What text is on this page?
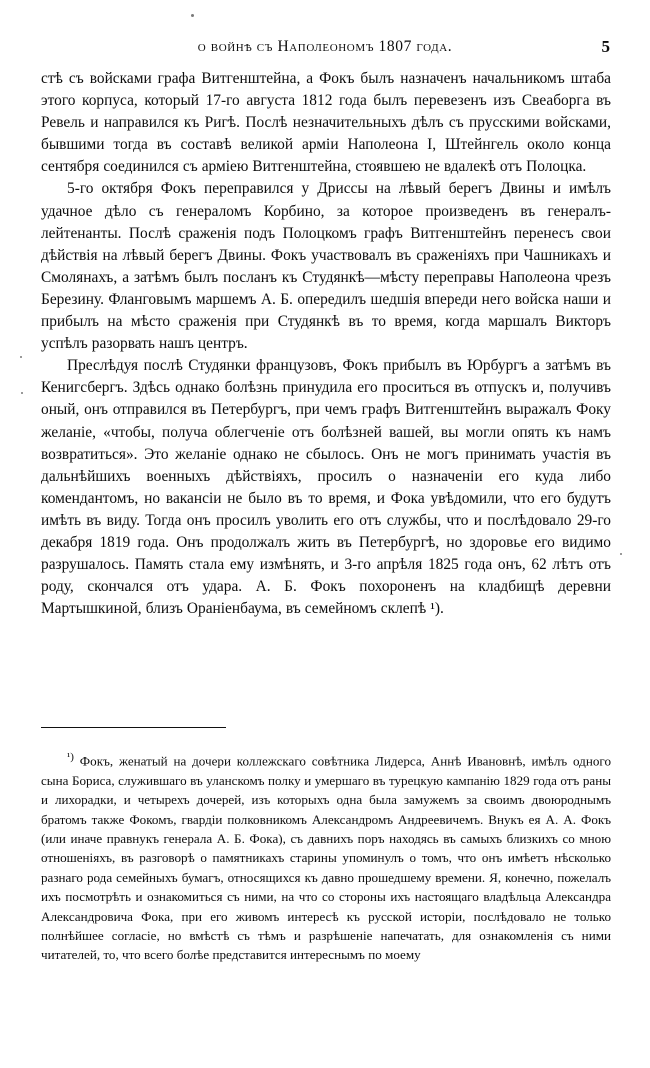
о войнѣ съ Наполеономъ 1807 года.	5

стѣ съ войсками графа Витгенштейна, а Фокъ былъ назначенъ начальникомъ штаба этого корпуса, который 17-го августа 1812 года былъ перевезенъ изъ Свеаборга въ Ревель и направился къ Ригѣ. Послѣ незначительныхъ дѣлъ съ прусскими войсками, бывшими тогда въ составѣ великой арміи Наполеона I, Штейнгель около конца сентября соединился съ арміею Витгенштейна, стоявшею не вдалекѣ отъ Полоцка.

5-го октября Фокъ переправился у Дриссы на лѣвый берегъ Двины и имѣлъ удачное дѣло съ генераломъ Корбино, за которое произведенъ въ генералъ-лейтенанты. Послѣ сраженія подъ Полоцкомъ графъ Витгенштейнъ перенесъ свои дѣйствія на лѣвый берегъ Двины. Фокъ участвовалъ въ сраженіяхъ при Чашникахъ и Смолянахъ, а затѣмъ былъ посланъ къ Студянкѣ—мѣсту переправы Наполеона чрезъ Березину. Фланговымъ маршемъ А. Б. опередилъ шедшія впереди него войска наши и прибылъ на мѣсто сраженія при Студянкѣ въ то время, когда маршалъ Викторъ успѣлъ разорвать нашъ центръ.

Преслѣдуя послѣ Студянки французовъ, Фокъ прибылъ въ Юрбургъ а затѣмъ въ Кенигсбергъ. Здѣсь однако болѣзнь принудила его проситься въ отпускъ и, получивъ оный, онъ отправился въ Петербургъ, при чемъ графъ Витгенштейнъ выражалъ Фоку желаніе, «чтобы, получа облегченіе отъ болѣзней вашей, вы могли опять къ намъ возвратиться». Это желаніе однако не сбылось. Онъ не могъ принимать участія въ дальнѣйшихъ военныхъ дѣйствіяхъ, просилъ о назначеніи его куда либо комендантомъ, но вакансіи не было въ то время, и Фока увѣдомили, что его будутъ имѣть въ виду. Тогда онъ просилъ уволить его отъ службы, что и послѣдовало 29-го декабря 1819 года. Онъ продолжалъ жить въ Петербургѣ, но здоровье его видимо разрушалось. Память стала ему измѣнять, и 3-го апрѣля 1825 года онъ, 62 лѣтъ отъ роду, скончался отъ удара. А. Б. Фокъ похороненъ на кладбищѣ деревни Мартышкиной, близъ Оранiенбаума, въ семейномъ склепѣ ¹).

$^{^1)}$ Фокъ, женатый на дочери коллежскаго совѣтника Лидерса, Аннѣ Ивановнѣ, имѣлъ одного сына Бориса, служившаго въ уланскомъ полку и умершаго въ турецкую кампанію 1829 года отъ раны и лихорадки, и четырехъ дочерей, изъ которыхъ одна была замужемъ за своимъ двоюроднымъ братомъ также Фокомъ, гвардіи полковникомъ Александромъ Андреевичемъ. Внукъ ея А. А. Фокъ (или иначе правнукъ генерала А. Б. Фока), съ давнихъ поръ находясь въ самыхъ близкихъ со мною отношеніяхъ, въ разговорѣ о памятникахъ старины упоминулъ о томъ, что онъ имѣетъ нѣсколько разнаго рода семейныхъ бумагъ, относящихся къ давно прошедшему времени. Я, конечно, пожелалъ ихъ посмотрѣть и ознакомиться съ ними, на что со стороны ихъ настоящаго владѣльца Александра Александровича Фока, при его живомъ интересѣ къ русской исторіи, послѣдовало не только полнѣйшее согласіе, но вмѣстѣ съ тѣмъ и разрѣшеніе напечатать, для ознакомленія съ ними читателей, то, что всего болѣе представится интереснымъ по моему
